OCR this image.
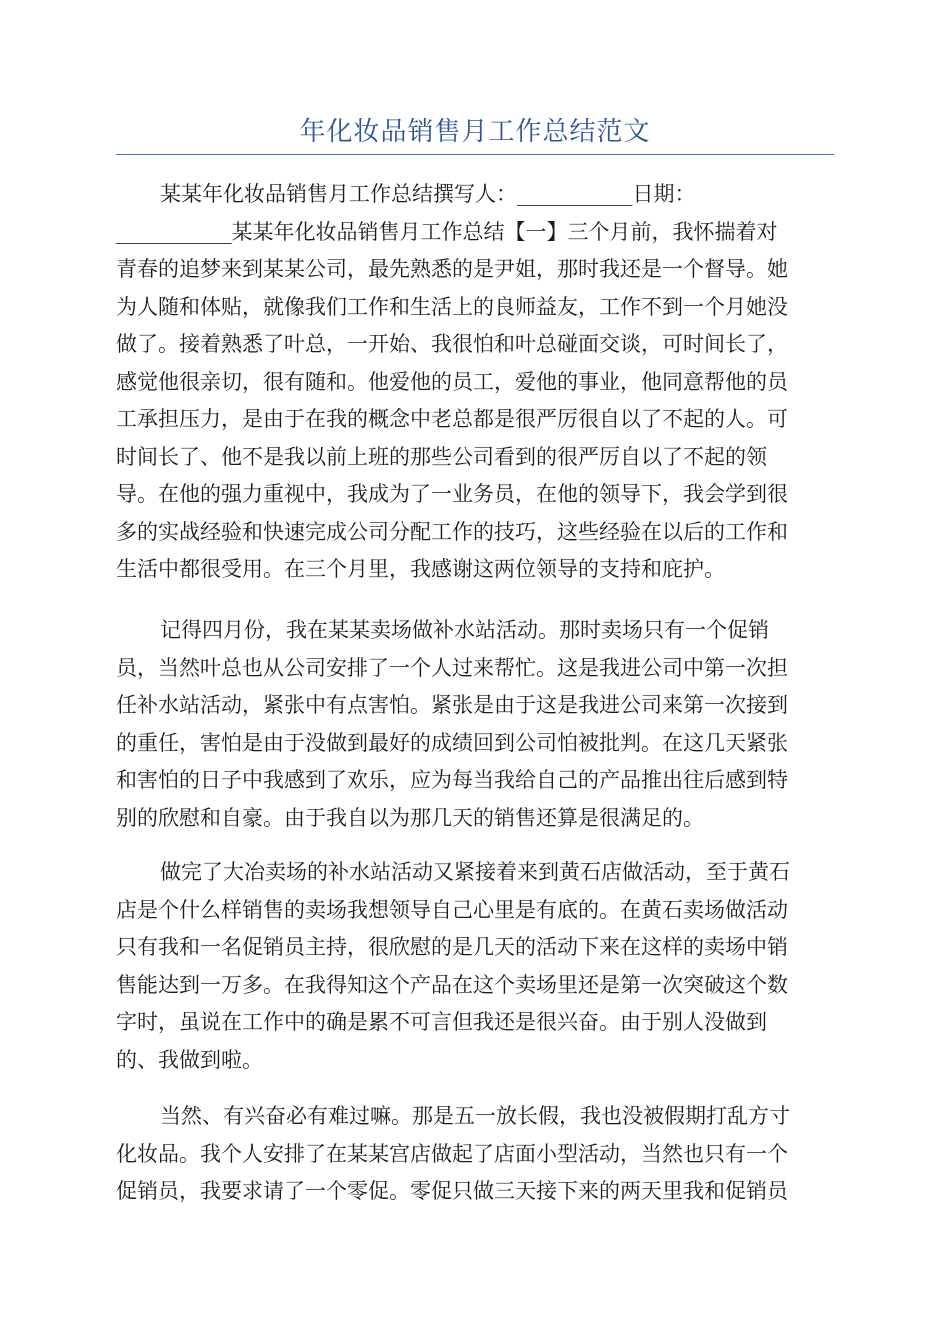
年化妆品销售月工作总结范文
某某年化妆品销售月工作总结撰写人：___________日期：
___________某某年化妆品销售月工作总结【一】三个月前，我怀揣着对
青春的追梦来到某某公司，最先熟悉的是尹姐，那时我还是一个督导。她
为人随和体贴，就像我们工作和生活上的良师益友，工作不到一个月她没
做了。接着熟悉了叶总，一开始、我很怕和叶总碰面交谈，可时间长了，
感觉他很亲切，很有随和。他爱他的员工，爱他的事业，他同意帮他的员
工承担压力，是由于在我的概念中老总都是很严厉很自以了不起的人。可
时间长了、他不是我以前上班的那些公司看到的很严厉自以了不起的领
导。在他的强力重视中，我成为了一业务员，在他的领导下，我会学到很
多的实战经验和快速完成公司分配工作的技巧，这些经验在以后的工作和
生活中都很受用。在三个月里，我感谢这两位领导的支持和庇护。
记得四月份，我在某某卖场做补水站活动。那时卖场只有一个促销
员，当然叶总也从公司安排了一个人过来帮忙。这是我进公司中第一次担
任补水站活动，紧张中有点害怕。紧张是由于这是我进公司来第一次接到
的重任，害怕是由于没做到最好的成绩回到公司怕被批判。在这几天紧张
和害怕的日子中我感到了欢乐，应为每当我给自己的产品推出往后感到特
别的欣慰和自豪。由于我自以为那几天的销售还算是很满足的。
做完了大冶卖场的补水站活动又紧接着来到黄石店做活动，至于黄石
店是个什么样销售的卖场我想领导自己心里是有底的。在黄石卖场做活动
只有我和一名促销员主持，很欣慰的是几天的活动下来在这样的卖场中销
售能达到一万多。在我得知这个产品在这个卖场里还是第一次突破这个数
字时，虽说在工作中的确是累不可言但我还是很兴奋。由于别人没做到
的、我做到啦。
当然、有兴奋必有难过嘛。那是五一放长假，我也没被假期打乱方寸
化妆品。我个人安排了在某某宫店做起了店面小型活动，当然也只有一个
促销员，我要求请了一个零促。零促只做三天接下来的两天里我和促销员
